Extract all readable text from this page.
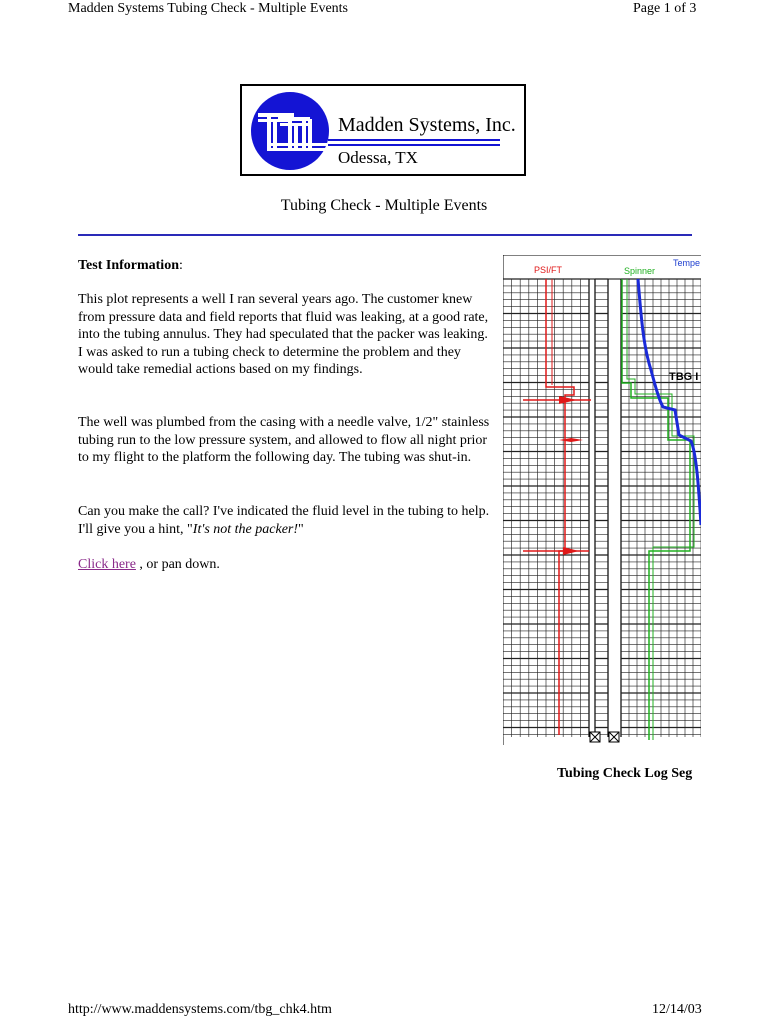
Madden Systems Tubing Check - Multiple Events	Page 1 of 3
Madden Systems, Inc.
Odessa, TX
Tubing Check - Multiple Events
Test Information:
This plot represents a well I ran several years ago. The customer knew from pressure data and field reports that fluid was leaking, at a good rate, into the tubing annulus. They had speculated that the packer was leaking. I was asked to run a tubing check to determine the problem and they would take remedial actions based on my findings.
The well was plumbed from the casing with a needle valve, 1/2" stainless tubing run to the low pressure system, and allowed to flow all night prior to my flight to the platform the following day. The tubing was shut-in.
Can you make the call? I've indicated the fluid level in the tubing to help. I'll give you a hint, "It's not the packer!"
Click here , or pan down.
TBG I
PSI/FT	Spinner
Tempe
Tubing Check Log Seg
http://www.maddensystems.com/tbg_chk4.htm	12/14/03
